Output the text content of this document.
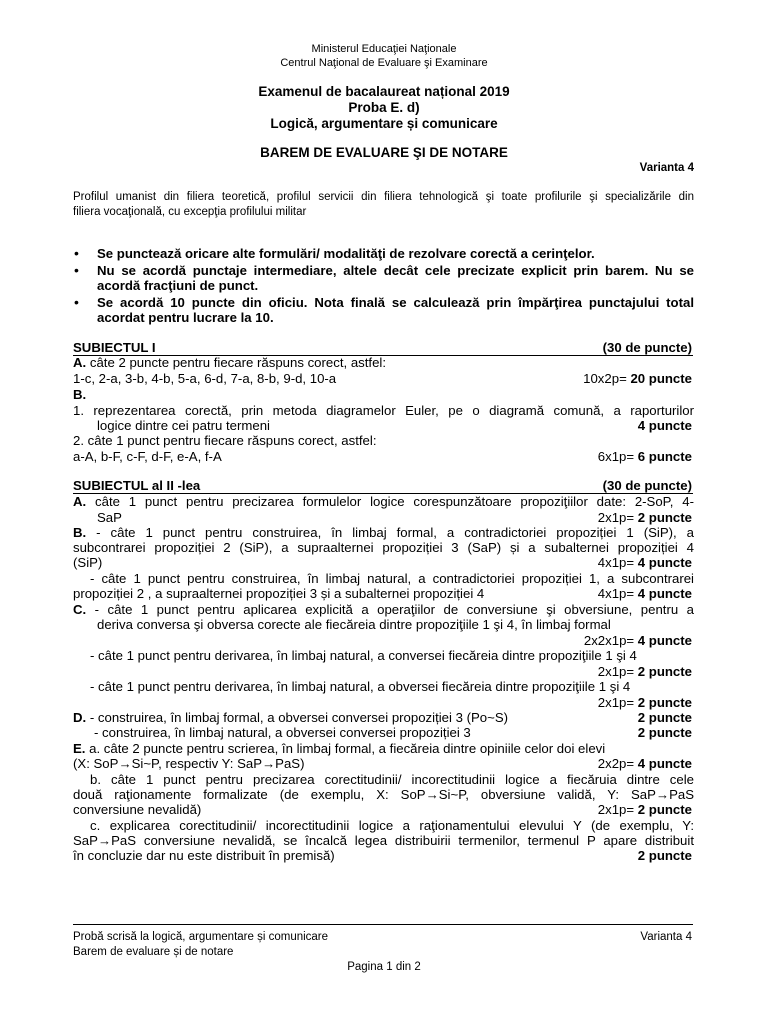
Ministerul Educaţiei Naţionale
Centrul Naţional de Evaluare şi Examinare
Examenul de bacalaureat național 2019
Proba E. d)
Logică, argumentare și comunicare
BAREM DE EVALUARE ŞI DE NOTARE
Varianta 4
Profilul umanist din filiera teoretică, profilul servicii din filiera tehnologică şi toate profilurile şi specializările din
filiera vocaţională, cu excepţia profilului militar
• Se punctează oricare alte formulări/ modalităţi de rezolvare corectă a cerinţelor.
• Nu se acordă punctaje intermediare, altele decât cele precizate explicit prin barem. Nu se
acordă fracţiuni de punct.
• Se acordă 10 puncte din oficiu. Nota finală se calculează prin împărţirea punctajului total
acordat pentru lucrare la 10.
SUBIECTUL I	(30 de puncte)
A. câte 2 puncte pentru fiecare răspuns corect, astfel:
1-c, 2-a, 3-b, 4-b, 5-a, 6-d, 7-a, 8-b, 9-d, 10-a	10x2p= 20 puncte
B.
1. reprezentarea corectă, prin metoda diagramelor Euler, pe o diagramă comună, a raporturilor
logice dintre cei patru termeni	4 puncte
2. câte 1 punct pentru fiecare răspuns corect, astfel:
a-A, b-F, c-F, d-F, e-A, f-A	6x1p= 6 puncte
SUBIECTUL al II -lea	(30 de puncte)
A. câte 1 punct pentru precizarea formulelor logice corespunzătoare propoziţiilor date: 2-SoP, 4-
SaP	2x1p= 2 puncte
B. - câte 1 punct pentru construirea, în limbaj formal, a contradictoriei propoziției 1 (SiP), a
subcontrarei propoziției 2 (SiP), a supraalternei propoziției 3 (SaP) și a subalternei propoziției 4
(SiP)	4x1p= 4 puncte
- câte 1 punct pentru construirea, în limbaj natural, a contradictoriei propoziției 1, a subcontrarei
propoziției 2 , a supraalternei propoziției 3 și a subalternei propoziției 4	4x1p= 4 puncte
C. - câte 1 punct pentru aplicarea explicită a operaţiilor de conversiune şi obversiune, pentru a
deriva conversa şi obversa corecte ale fiecăreia dintre propoziţiile 1 şi 4, în limbaj formal
2x2x1p= 4 puncte
- câte 1 punct pentru derivarea, în limbaj natural, a conversei fiecăreia dintre propoziţiile 1 şi 4
2x1p= 2 puncte
- câte 1 punct pentru derivarea, în limbaj natural, a obversei fiecăreia dintre propoziţiile 1 şi 4
2x1p= 2 puncte
D. - construirea, în limbaj formal, a obversei conversei propoziției 3 (Po~S)	2 puncte
- construirea, în limbaj natural, a obversei conversei propoziției 3	2 puncte
E. a. câte 2 puncte pentru scrierea, în limbaj formal, a fiecăreia dintre opiniile celor doi elevi
(X: SoP→Si~P, respectiv Y: SaP→PaS)	2x2p= 4 puncte
b. câte 1 punct pentru precizarea corectitudinii/ incorectitudinii logice a fiecăruia dintre cele
două raţionamente formalizate (de exemplu, X: SoP→Si~P, obversiune validă, Y: SaP→PaS
conversiune nevalidă)	2x1p= 2 puncte
c. explicarea corectitudinii/ incorectitudinii logice a raţionamentului elevului Y (de exemplu, Y:
SaP→PaS conversiune nevalidă, se încalcă legea distribuirii termenilor, termenul P apare distribuit
în concluzie dar nu este distribuit în premisă)	2 puncte
Probă scrisă la logică, argumentare și comunicare	Varianta 4
Barem de evaluare și de notare
Pagina 1 din 2
